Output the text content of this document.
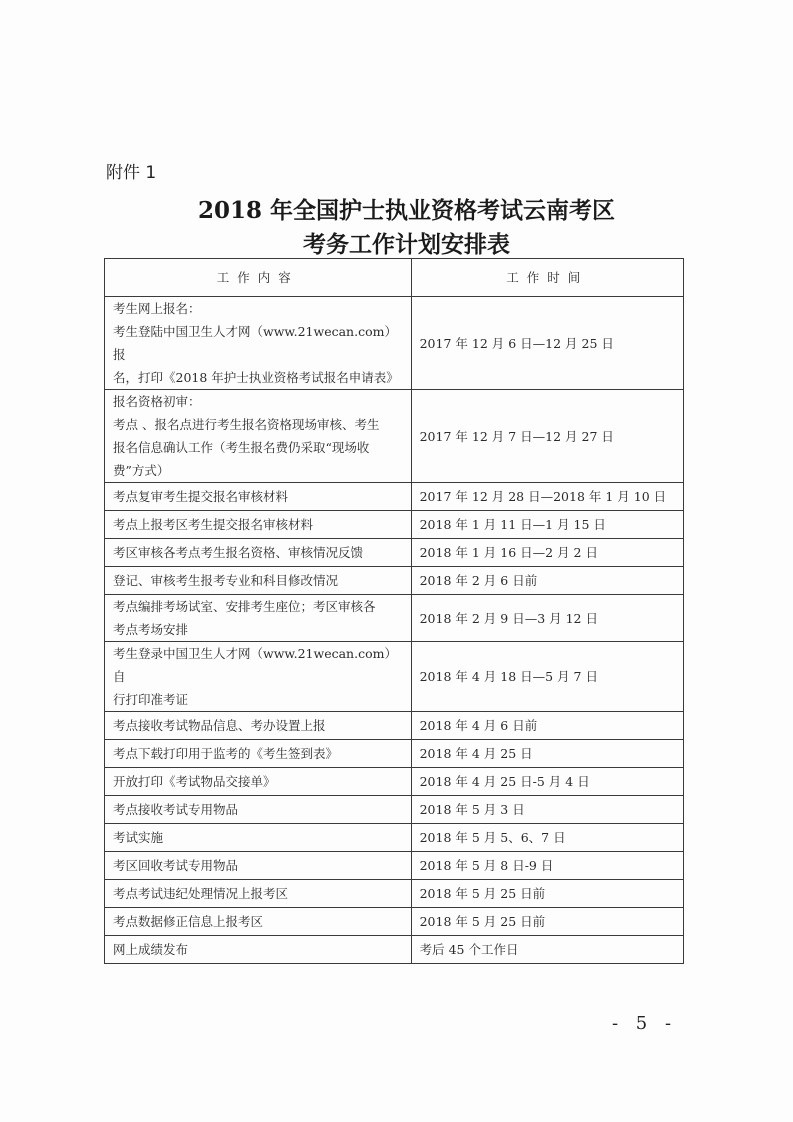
附件 1
2018 年全国护士执业资格考试云南考区
考务工作计划安排表
工作内容	工作时间

考生网上报名：
考生登陆中国卫生人才网（www.21wecan.com）报
名，打印《2018 年护士执业资格考试报名申请表》	2017 年 12 月 6 日—12 月 25 日

报名资格初审：
考点 、报名点进行考生报名资格现场审核、考生
报名信息确认工作（考生报名费仍采取“现场收
费”方式）	2017 年 12 月 7 日—12 月 27 日

考点复审考生提交报名审核材料	2017 年 12 月 28 日—2018 年 1 月 10 日

考点上报考区考生提交报名审核材料	2018 年 1 月 11 日—1 月 15 日

考区审核各考点考生报名资格、审核情况反馈	2018 年 1 月 16 日—2 月 2 日

登记、审核考生报考专业和科目修改情况	2018 年 2 月 6 日前

考点编排考场试室、安排考生座位；考区审核各
考点考场安排	2018 年 2 月 9 日—3 月 12 日

考生登录中国卫生人才网（www.21wecan.com）自
行打印准考证	2018 年 4 月 18 日—5 月 7 日

考点接收考试物品信息、考办设置上报	2018 年 4 月 6 日前

考点下载打印用于监考的《考生签到表》	2018 年 4 月 25 日

开放打印《考试物品交接单》	2018 年 4 月 25 日-5 月 4 日

考点接收考试专用物品	2018 年 5 月 3 日

考试实施	2018 年 5 月 5、6、7 日

考区回收考试专用物品	2018 年 5 月 8 日-9 日

考点考试违纪处理情况上报考区	2018 年 5 月 25 日前

考点数据修正信息上报考区	2018 年 5 月 25 日前

网上成绩发布	考后 45 个工作日
- 5 -
